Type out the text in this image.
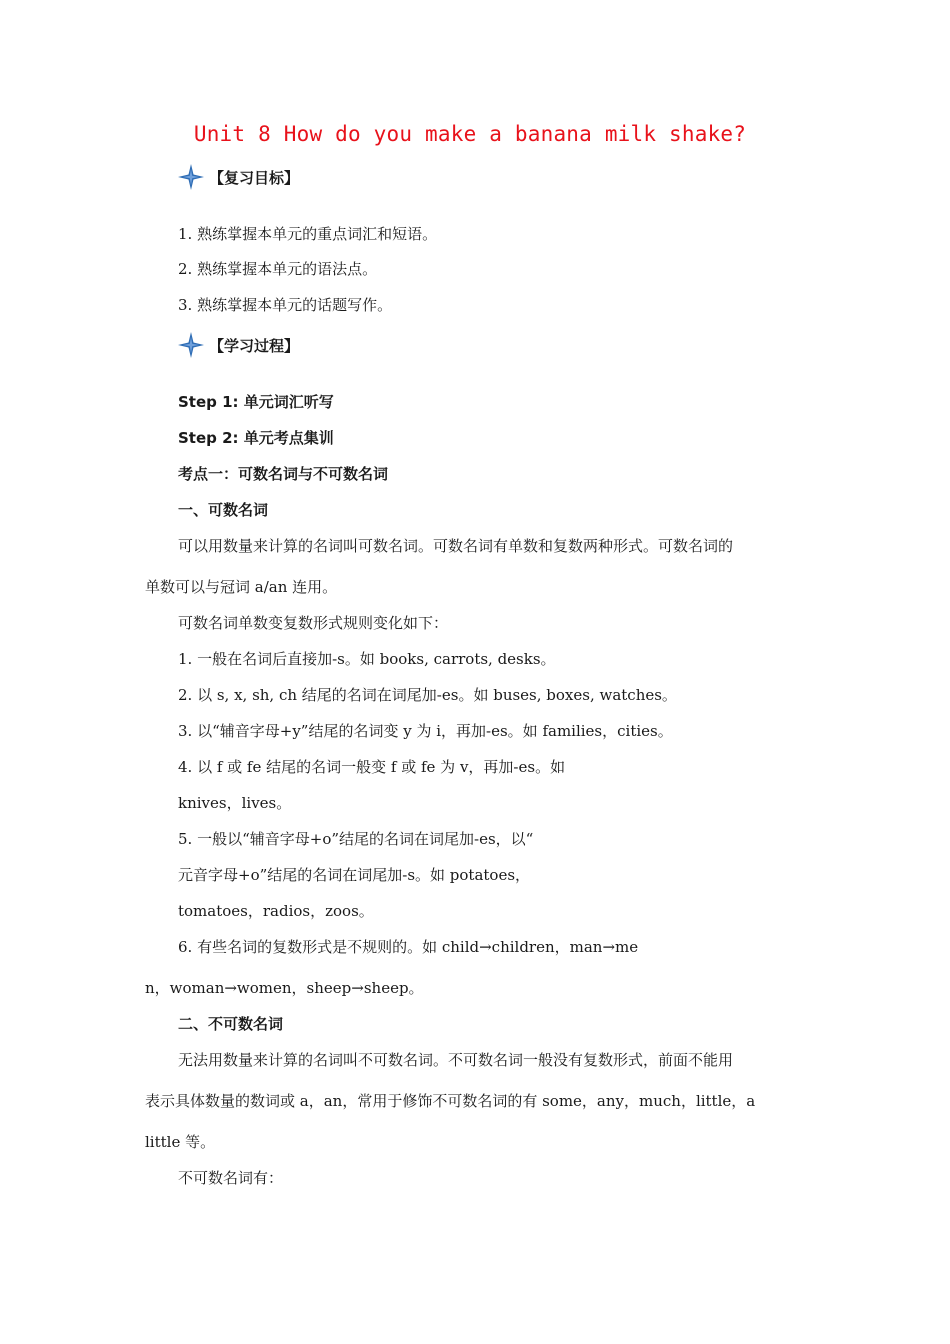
Unit 8 How do you make a banana milk shake?
【复习目标】
1. 熟练掌握本单元的重点词汇和短语。
2. 熟练掌握本单元的语法点。
3. 熟练掌握本单元的话题写作。
【学习过程】
Step 1: 单元词汇听写
Step 2: 单元考点集训
考点一：可数名词与不可数名词
一、可数名词
可以用数量来计算的名词叫可数名词。可数名词有单数和复数两种形式。可数名词的
单数可以与冠词 a/an 连用。
可数名词单数变复数形式规则变化如下：
1. 一般在名词后直接加-s。如 books, carrots, desks。
2. 以 s, x, sh, ch 结尾的名词在词尾加-es。如 buses, boxes, watches。
3. 以“辅音字母+y”结尾的名词变 y 为 i，再加-es。如 families，cities。
4. 以 f 或 fe 结尾的名词一般变 f 或 fe 为 v，再加-es。如
knives，lives。
5. 一般以“辅音字母+o”结尾的名词在词尾加-es，以“
元音字母+o”结尾的名词在词尾加-s。如 potatoes，
tomatoes，radios，zoos。
6. 有些名词的复数形式是不规则的。如 child→children，man→me
n，woman→women，sheep→sheep。
二、不可数名词
无法用数量来计算的名词叫不可数名词。不可数名词一般没有复数形式，前面不能用
表示具体数量的数词或 a，an，常用于修饰不可数名词的有 some，any，much，little，a
little 等。
不可数名词有：
